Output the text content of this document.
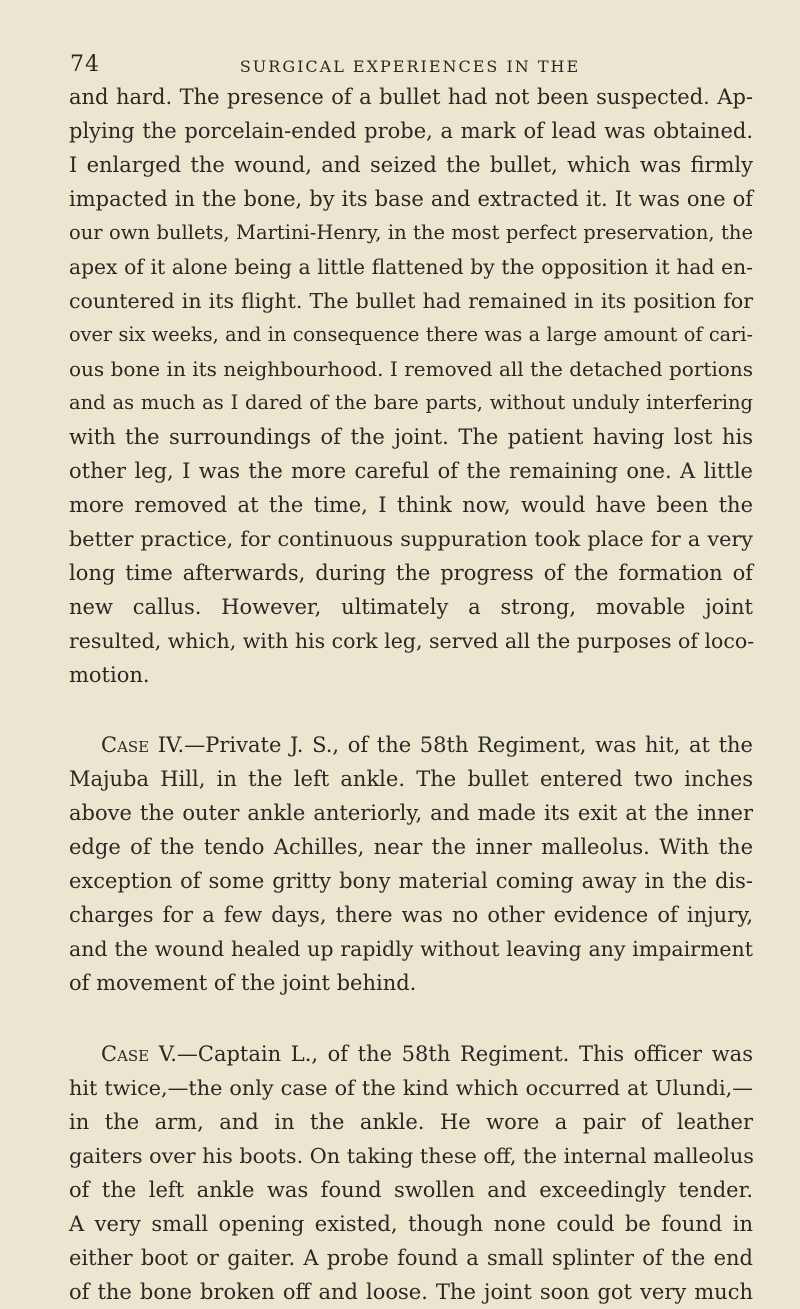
74	SURGICAL EXPERIENCES IN THE
and hard. The presence of a bullet had not been suspected. Ap-
plying the porcelain-ended probe, a mark of lead was obtained.
I enlarged the wound, and seized the bullet, which was firmly
impacted in the bone, by its base and extracted it. It was one of
our own bullets, Martini-Henry, in the most perfect preservation, the
apex of it alone being a little flattened by the opposition it had en-
countered in its flight. The bullet had remained in its position for
over six weeks, and in consequence there was a large amount of cari-
ous bone in its neighbourhood. I removed all the detached portions
and as much as I dared of the bare parts, without unduly interfering
with the surroundings of the joint. The patient having lost his
other leg, I was the more careful of the remaining one. A little
more removed at the time, I think now, would have been the
better practice, for continuous suppuration took place for a very
long time afterwards, during the progress of the formation of
new callus. However, ultimately a strong, movable joint
resulted, which, with his cork leg, served all the purposes of loco-
motion.
Case IV.—Private J. S., of the 58th Regiment, was hit, at the
Majuba Hill, in the left ankle. The bullet entered two inches
above the outer ankle anteriorly, and made its exit at the inner
edge of the tendo Achilles, near the inner malleolus. With the
exception of some gritty bony material coming away in the dis-
charges for a few days, there was no other evidence of injury,
and the wound healed up rapidly without leaving any impairment
of movement of the joint behind.
Case V.—Captain L., of the 58th Regiment. This officer was
hit twice,—the only case of the kind which occurred at Ulundi,—
in the arm, and in the ankle. He wore a pair of leather
gaiters over his boots. On taking these off, the internal malleolus
of the left ankle was found swollen and exceedingly tender.
A very small opening existed, though none could be found in
either boot or gaiter. A probe found a small splinter of the end
of the bone broken off and loose. The joint soon got very much
